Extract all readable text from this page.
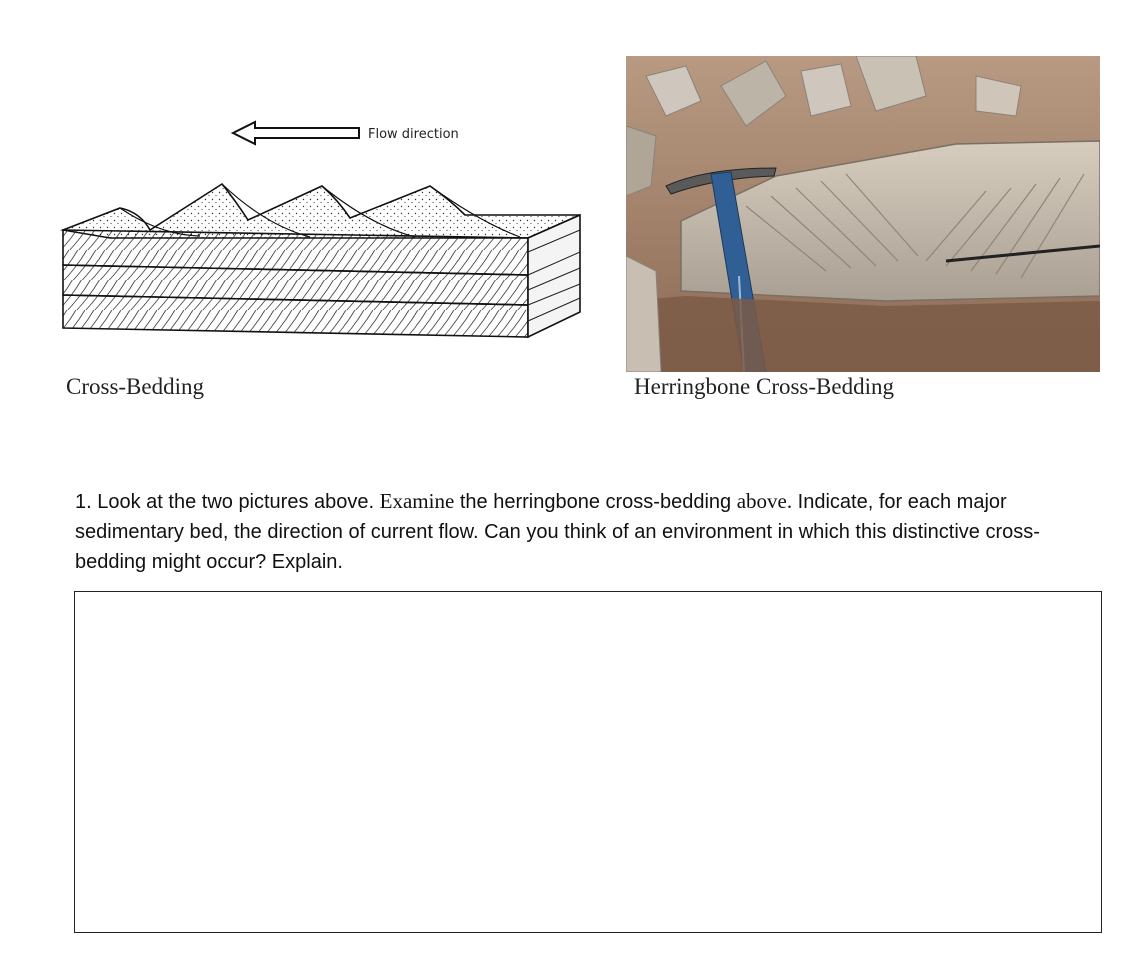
Flow direction
Cross-Bedding	Herringbone Cross-Bedding

1. Look at the two pictures above. Examine the herringbone cross-bedding above. Indicate, for each major sedimentary bed, the direction of current flow. Can you think of an environment in which this distinctive cross-bedding might occur? Explain.
